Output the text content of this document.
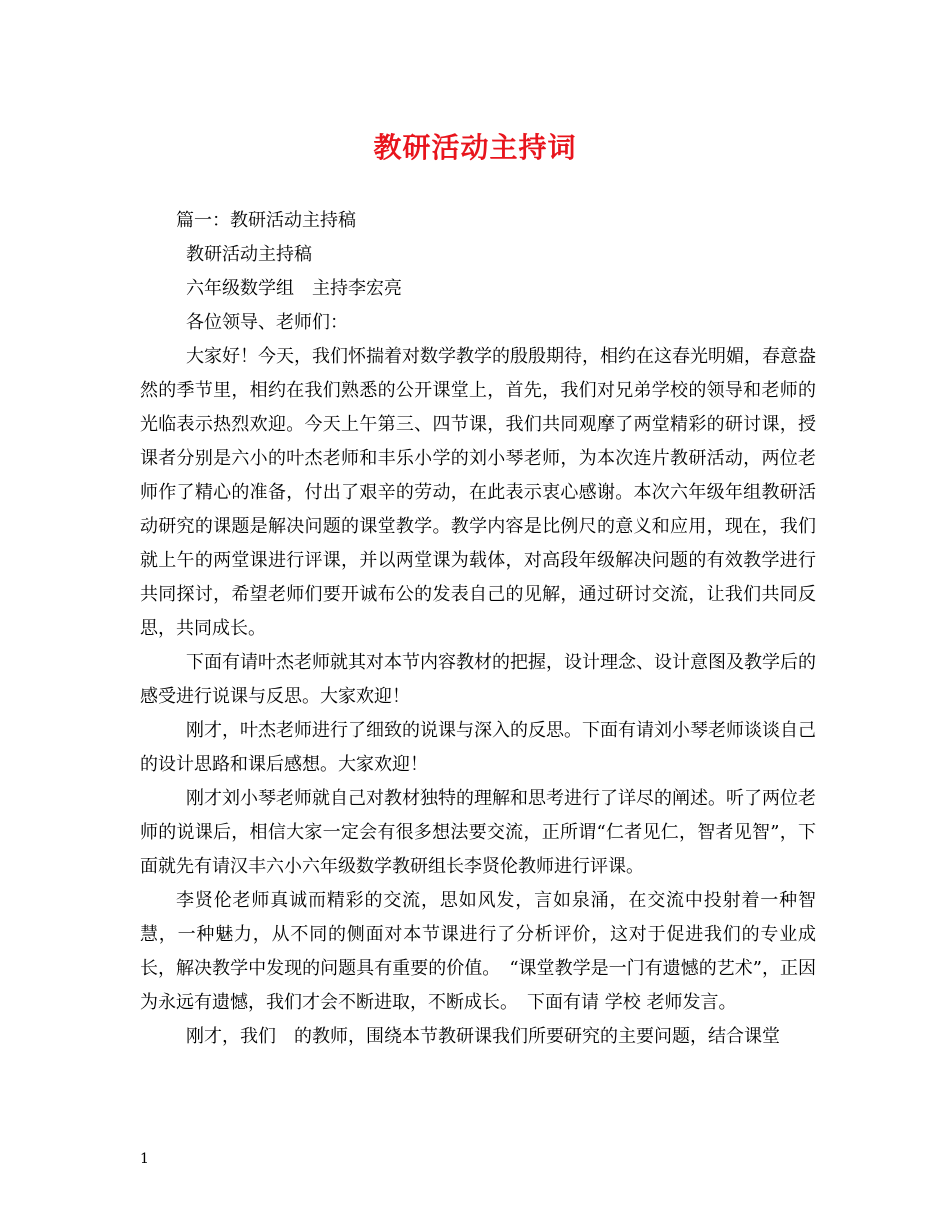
教研活动主持词

篇一：教研活动主持稿

教研活动主持稿

六年级数学组　主持李宏亮

各位领导、老师们：

大家好！今天，我们怀揣着对数学教学的殷殷期待，相约在这春光明媚，春意盎然的季节里，相约在我们熟悉的公开课堂上，首先，我们对兄弟学校的领导和老师的光临表示热烈欢迎。今天上午第三、四节课，我们共同观摩了两堂精彩的研讨课，授课者分别是六小的叶杰老师和丰乐小学的刘小琴老师，为本次连片教研活动，两位老师作了精心的准备，付出了艰辛的劳动，在此表示衷心感谢。本次六年级年组教研活动研究的课题是解决问题的课堂教学。教学内容是比例尺的意义和应用，现在，我们就上午的两堂课进行评课，并以两堂课为载体，对高段年级解决问题的有效教学进行共同探讨，希望老师们要开诚布公的发表自己的见解，通过研讨交流，让我们共同反思，共同成长。

下面有请叶杰老师就其对本节内容教材的把握，设计理念、设计意图及教学后的感受进行说课与反思。大家欢迎！

刚才，叶杰老师进行了细致的说课与深入的反思。下面有请刘小琴老师谈谈自己的设计思路和课后感想。大家欢迎！

刚才刘小琴老师就自己对教材独特的理解和思考进行了详尽的阐述。听了两位老师的说课后，相信大家一定会有很多想法要交流，正所谓“仁者见仁，智者见智”，下面就先有请汉丰六小六年级数学教研组长李贤伦教师进行评课。

李贤伦老师真诚而精彩的交流，思如风发，言如泉涌，在交流中投射着一种智慧，一种魅力，从不同的侧面对本节课进行了分析评价，这对于促进我们的专业成长，解决教学中发现的问题具有重要的价值。　“课堂教学是一门有遗憾的艺术”，正因为永远有遗憾，我们才会不断进取，不断成长。　下面有请 学校 老师发言。

刚才，我们　的教师，围绕本节教研课我们所要研究的主要问题，结合课堂

1
